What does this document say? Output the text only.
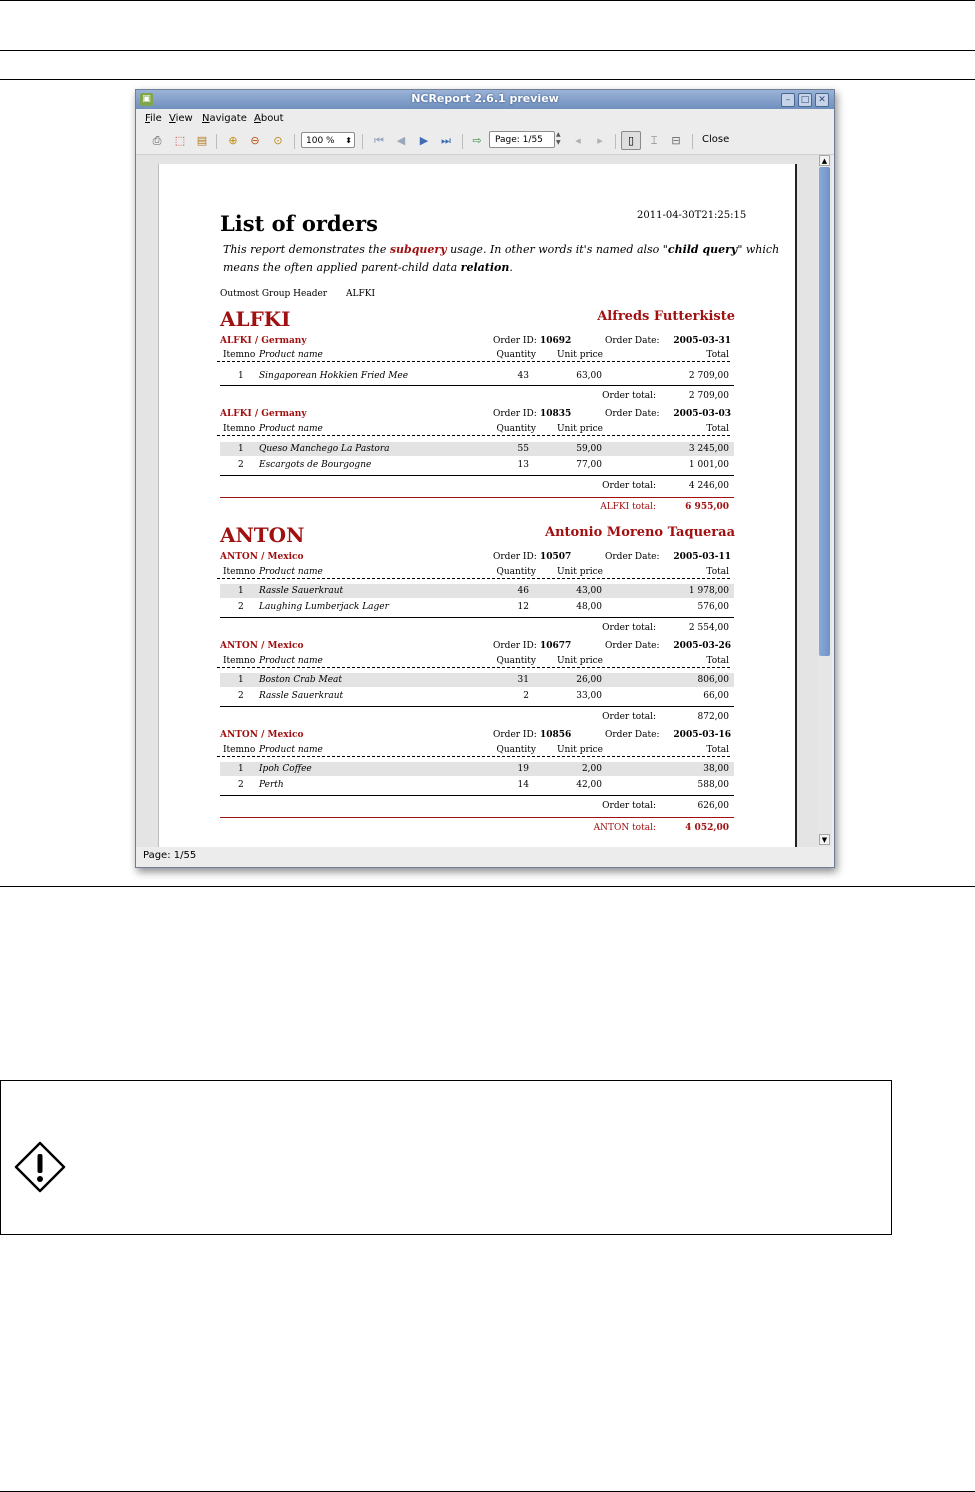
▣	NCReport 2.6.1 preview	–	□ ✕
File View Navigate About
⎙ ⬚ ▤ ⊕ ⊖ ⊙	100 % ⬍ ⏮ ◀ ▶ ⏭ ⇨	Page: 1/55
▲
▼	◂	▸	▯	⌶	⊟ Close
List of orders	2011-04-30T21:25:15
This report demonstrates the subquery usage. In other words it's named also "child query" which
means the often applied parent-child data relation.
Outmost Group Header ALFKI
ALFKI	Alfreds Futterkiste
ALFKI / Germany	Order ID: 10692	Order Date: 2005-03-31
Itemno Product name	Quantity Unit price	Total
1 Singaporean Hokkien Fried Mee	43	63,00	2 709,00
Order total:	2 709,00
ALFKI / Germany	Order ID: 10835	Order Date: 2005-03-03
Itemno Product name	Quantity Unit price	Total
1 Queso Manchego La Pastora	55	59,00	3 245,00
2 Escargots de Bourgogne	13	77,00	1 001,00
Order total:	4 246,00
ALFKI total:	6 955,00
ANTON	Antonio Moreno Taqueraa
ANTON / Mexico	Order ID: 10507	Order Date: 2005-03-11
Itemno Product name	Quantity Unit price	Total
1 Rassle Sauerkraut	46	43,00	1 978,00
2 Laughing Lumberjack Lager	12	48,00	576,00
Order total:	2 554,00
ANTON / Mexico	Order ID: 10677	Order Date: 2005-03-26
Itemno Product name	Quantity Unit price	Total
1 Boston Crab Meat	31	26,00	806,00
2 Rassle Sauerkraut	2	33,00	66,00
Order total:	872,00
ANTON / Mexico	Order ID: 10856	Order Date: 2005-03-16
Itemno Product name	Quantity Unit price	Total
1 Ipoh Coffee	19	2,00	38,00
2 Perth	14	42,00	588,00
Order total:	626,00
ANTON total:	4 052,00
▲
▼
Page: 1/55
